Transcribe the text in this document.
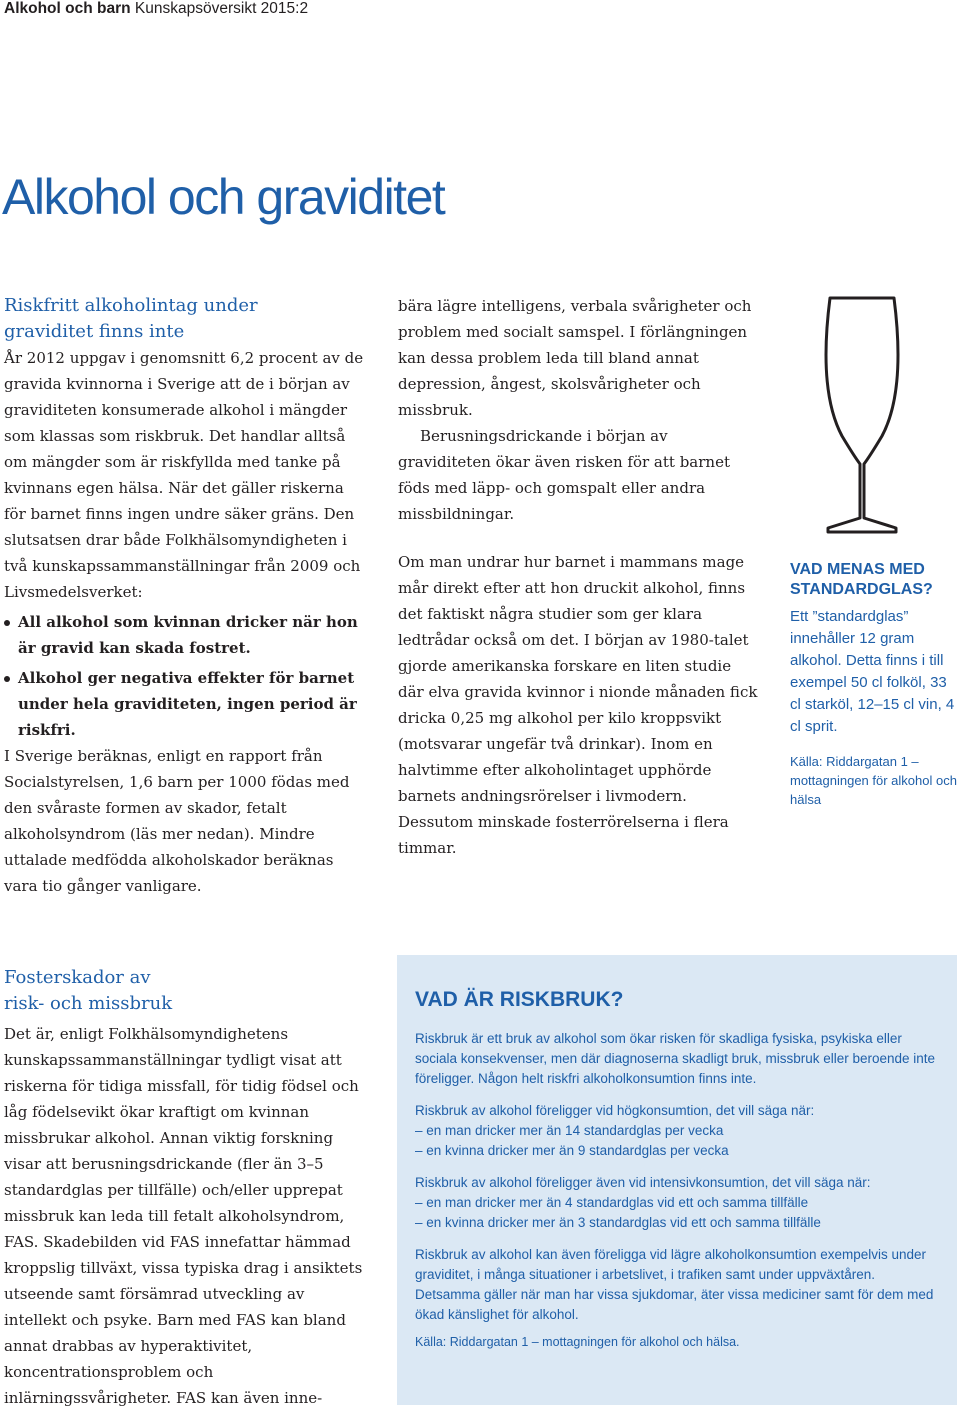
Alkohol och barn Kunskapsöversikt 2015:2
Alkohol och graviditet
Riskfritt alkoholintag under
graviditet finns inte

År 2012 uppgav i genomsnitt 6,2 procent av de gravida kvinnorna i Sverige att de i början av graviditeten konsumerade alkohol i mängder som klassas som riskbruk. Det handlar alltså om mängder som är riskfyllda med tanke på kvinnans egen hälsa. När det gäller riskerna för barnet finns ingen undre säker gräns. Den slutsatsen drar både Folkhälsomyndigheten i två kunskapssammanställningar från 2009 och Livsmedelsverket:

All alkohol som kvinnan dricker när hon är gravid kan skada fostret.

Alkohol ger negativa effekter för barnet under hela graviditeten, ingen period är riskfri.

I Sverige beräknas, enligt en rapport från Socialstyrelsen, 1,6 barn per 1000 födas med den svåraste formen av skador, fetalt alkoholsyndrom (läs mer nedan). Mindre uttalade medfödda alkoholskador beräknas vara tio gånger vanligare.

Fosterskador av
risk- och missbruk

Det är, enligt Folkhälsomyndighetens kunskapssammanställningar tydligt visat att riskerna för tidiga missfall, för tidig födsel och låg födelsevikt ökar kraftigt om kvinnan missbrukar alkohol. Annan viktig forskning visar att berusningsdrickande (fler än 3–5 standardglas per tillfälle) och/eller upprepat missbruk kan leda till fetalt alkoholsyndrom, FAS. Skadebilden vid FAS innefattar hämmad kroppslig tillväxt, vissa typiska drag i ansiktets utseende samt försämrad utveckling av intellekt och psyke. Barn med FAS kan bland annat drabbas av hyperaktivitet, koncentrationsproblem och inlärningssvårigheter. FAS kan även inne-

bära lägre intelligens, verbala svårigheter och problem med socialt samspel. I förlängningen kan dessa problem leda till bland annat depression, ångest, skolsvårigheter och missbruk.

Berusningsdrickande i början av graviditeten ökar även risken för att barnet föds med läpp- och gomspalt eller andra missbildningar.

Om man undrar hur barnet i mammans mage mår direkt efter att hon druckit alkohol, finns det faktiskt några studier som ger klara ledtrådar också om det. I början av 1980-talet gjorde amerikanska forskare en liten studie där elva gravida kvinnor i nionde månaden fick dricka 0,25 mg alkohol per kilo kroppsvikt (motsvarar ungefär två drinkar). Inom en halvtimme efter alkoholintaget upphörde barnets andningsrörelser i livmodern. Dessutom minskade fosterrörelserna i flera timmar.

VAD MENAS MED STANDARDGLAS?

Ett ”standardglas” innehåller 12 gram alkohol. Detta finns i till exempel 50 cl folköl, 33 cl starköl, 12–15 cl vin, 4 cl sprit.

Källa: Riddargatan 1 – mottagningen för alkohol och hälsa

VAD ÄR RISKBRUK?

Riskbruk är ett bruk av alkohol som ökar risken för skadliga fysiska, psykiska eller sociala konsekvenser, men där diagnoserna skadligt bruk, missbruk eller beroende inte föreligger. Någon helt riskfri alkoholkonsumtion finns inte.

Riskbruk av alkohol föreligger vid högkonsumtion, det vill säga när:

– en man dricker mer än 14 standardglas per vecka

– en kvinna dricker mer än 9 standardglas per vecka

Riskbruk av alkohol föreligger även vid intensivkonsumtion, det vill säga när:

– en man dricker mer än 4 standardglas vid ett och samma tillfälle

– en kvinna dricker mer än 3 standardglas vid ett och samma tillfälle

Riskbruk av alkohol kan även föreligga vid lägre alkoholkonsumtion exempelvis under graviditet, i många situationer i arbetslivet, i trafiken samt under uppväxtåren. Detsamma gäller när man har vissa sjukdomar, äter vissa mediciner samt för dem med ökad känslighet för alkohol.

Källa: Riddargatan 1 – mottagningen för alkohol och hälsa.
